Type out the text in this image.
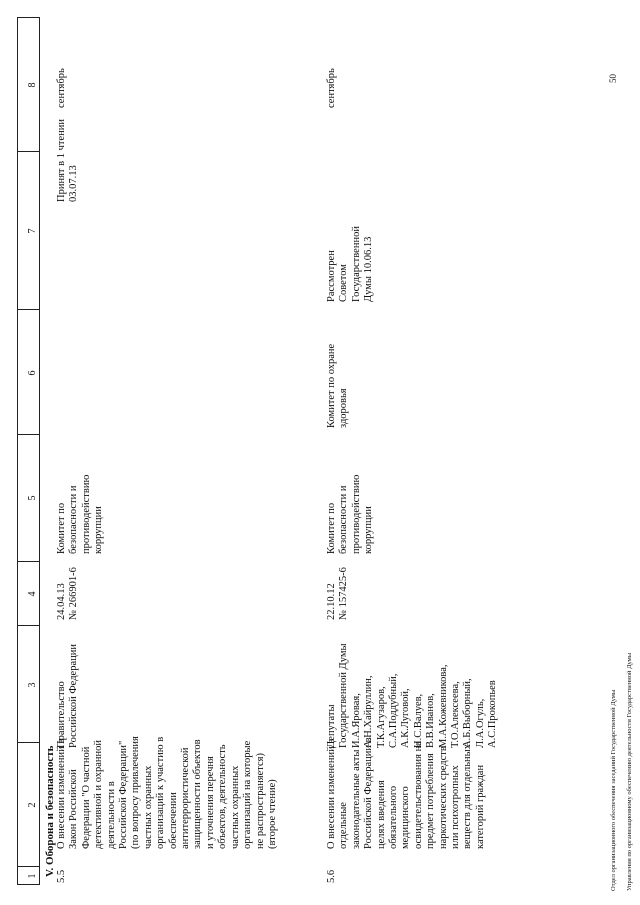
1
2
3
4
5
6
7
8
V. Оборона и безопасность 5.5
О внесении изменений в
Закон Российской
Федерации "О частной
детективной и охранной
деятельности в
Российской Федерации"
(по вопросу привлечения
частных охранных
организаций к участию в
обеспечении
антитеррористической
защищенности объектов
и уточнения перечня
объектов, деятельность
частных охранных
организаций на которые
не распространяется)
(второе чтение)
Правительство
Российской Федерации
24.04.13
№ 266901-6
Комитет по
безопасности и
противодействию
коррупции
Принят в 1 чтении
03.07.13
сентябрь
5.6
О внесении изменений в
отдельные
законодательные акты
Российской Федерации в
целях введения
обязательного
медицинского
освидетельствования на
предмет потребления
наркотических средств
или психотропных
веществ для отдельных
категорий граждан
Депутаты
Государственной Думы
И.А.Яровая,
А.Н.Хайруллин,
Т.К.Агузаров,
С.А.Поддубный,
А.К.Луговой,
Н.С.Валуев,
В.В.Иванов,
М.А.Кожевникова,
Т.О.Алексеева,
А.Б.Выборный,
Л.А.Огуль,
А.С.Прокопьев
22.10.12
№ 157425-6
Комитет по
безопасности и
противодействию
коррупции
Комитет по охране
здоровья
Рассмотрен
Советом
Государственной
Думы 10.06.13
сентябрь

Отдел организационного обеспечения заседаний Государственной Думы Управления по организационному обеспечению деятельности Государственной Думы

50
